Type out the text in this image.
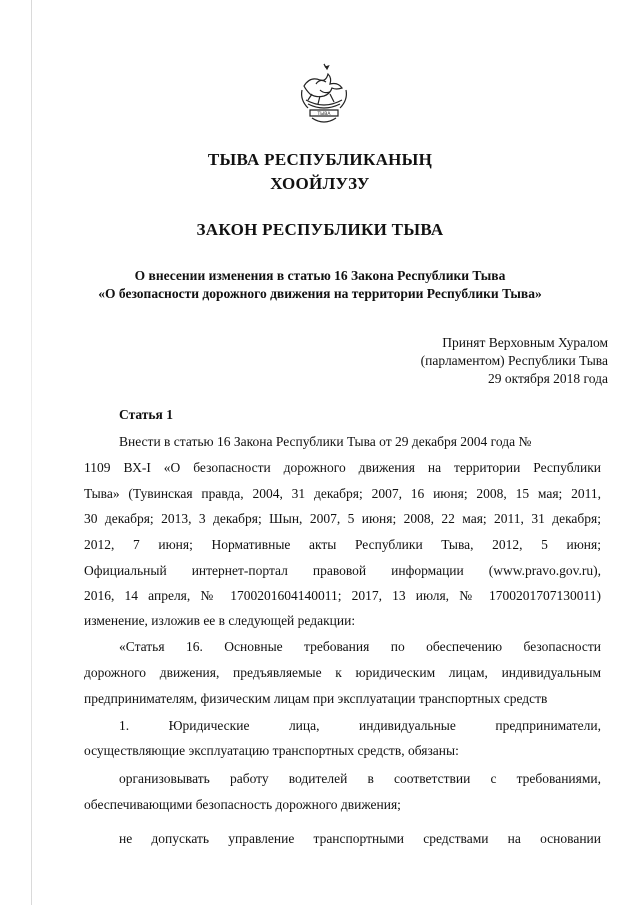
ТЫВА
ТЫВА РЕСПУБЛИКАНЫҢ
ХООЙЛУЗУ
ЗАКОН РЕСПУБЛИКИ ТЫВА
О внесении изменения в статью 16 Закона Республики Тыва
«О безопасности дорожного движения на территории Республики Тыва»
Принят Верховным Хуралом
(парламентом) Республики Тыва
29 октября 2018 года
Статья 1
Внести в статью 16 Закона Республики Тыва от 29 декабря 2004 года №
1109 ВХ-I «О безопасности дорожного движения на территории Республики
Тыва» (Тувинская правда, 2004, 31 декабря; 2007, 16 июня; 2008, 15 мая; 2011,
30 декабря; 2013, 3 декабря; Шын, 2007, 5 июня; 2008, 22 мая; 2011, 31 декабря;
2012, 7 июня; Нормативные акты Республики Тыва, 2012, 5 июня;
Официальный интернет-портал правовой информации (www.pravo.gov.ru),
2016, 14 апреля, № 1700201604140011; 2017, 13 июля, № 1700201707130011)
изменение, изложив ее в следующей редакции:
«Статья 16. Основные требования по обеспечению безопасности
дорожного движения, предъявляемые к юридическим лицам, индивидуальным
предпринимателям, физическим лицам при эксплуатации транспортных средств
1. Юридические лица, индивидуальные предприниматели,
осуществляющие эксплуатацию транспортных средств, обязаны:
организовывать работу водителей в соответствии с требованиями,
обеспечивающими безопасность дорожного движения;
не допускать управление транспортными средствами на основании
